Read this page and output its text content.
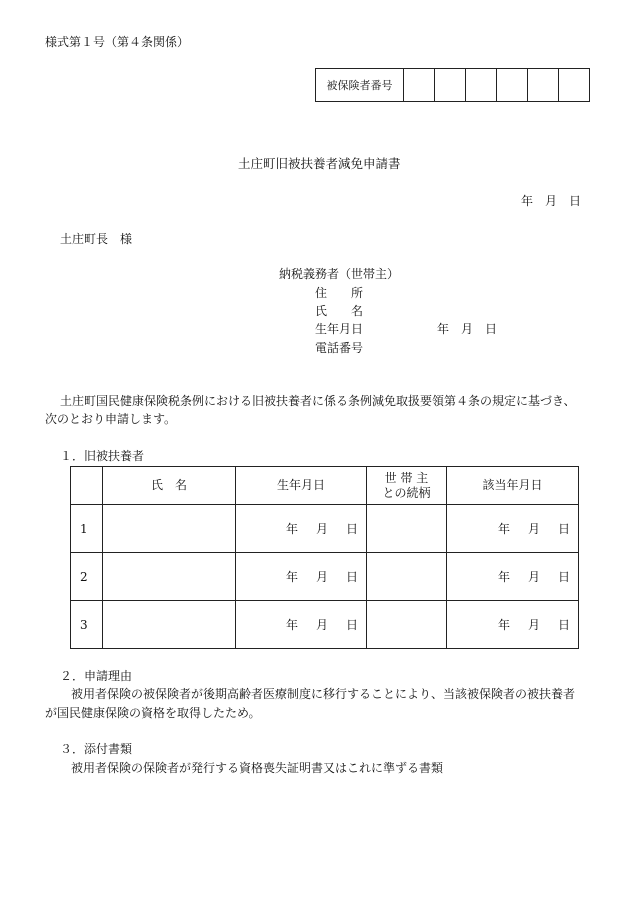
様式第１号（第４条関係）
被保険者番号
土庄町旧被扶養者減免申請書
年　月　日
土庄町長　様
納税義務者（世帯主）
住　　所
氏　　名
生年月日	年　月　日
電話番号
土庄町国民健康保険税条例における旧被扶養者に係る条例減免取扱要領第４条の規定に基づき、
次のとおり申請します。
１．旧被扶養者
	氏　名	生年月日	世 帯 主
との続柄	該当年月日
1		年 月 日		年 月 日
2		年 月 日		年 月 日
3		年 月 日		年 月 日
２．申請理由
被用者保険の被保険者が後期高齢者医療制度に移行することにより、当該被保険者の被扶養者
が国民健康保険の資格を取得したため。
３．添付書類
被用者保険の保険者が発行する資格喪失証明書又はこれに準ずる書類
